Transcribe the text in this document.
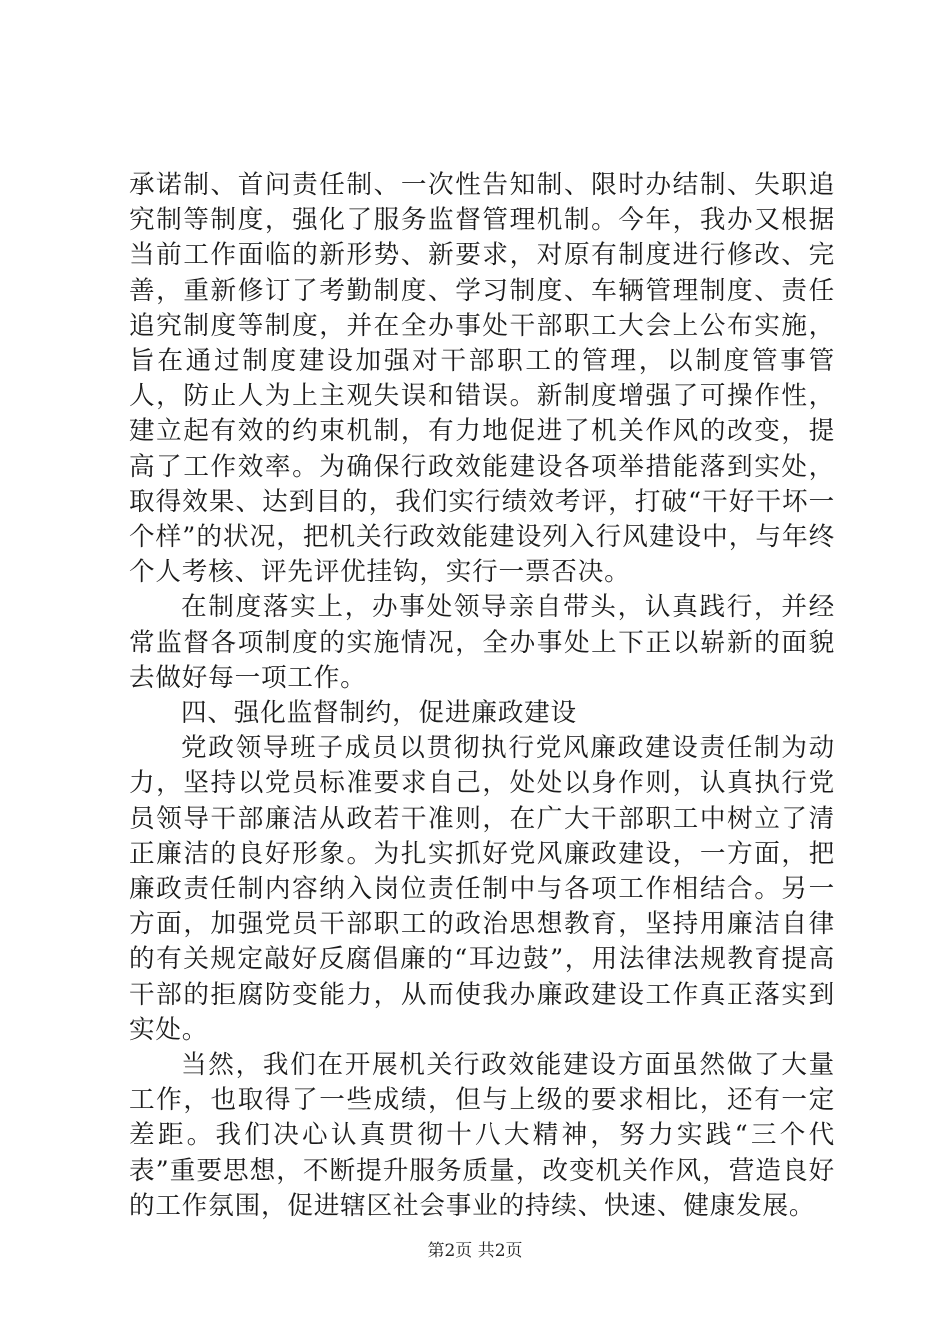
承诺制、首问责任制、一次性告知制、限时办结制、失职追究制等制度，强化了服务监督管理机制。今年，我办又根据当前工作面临的新形势、新要求，对原有制度进行修改、完善，重新修订了考勤制度、学习制度、车辆管理制度、责任追究制度等制度，并在全办事处干部职工大会上公布实施，旨在通过制度建设加强对干部职工的管理，以制度管事管人，防止人为上主观失误和错误。新制度增强了可操作性，建立起有效的约束机制，有力地促进了机关作风的改变，提高了工作效率。为确保行政效能建设各项举措能落到实处，取得效果、达到目的，我们实行绩效考评，打破“干好干坏一个样”的状况，把机关行政效能建设列入行风建设中，与年终个人考核、评先评优挂钩，实行一票否决。

在制度落实上，办事处领导亲自带头，认真践行，并经常监督各项制度的实施情况，全办事处上下正以崭新的面貌去做好每一项工作。

四、强化监督制约，促进廉政建设

党政领导班子成员以贯彻执行党风廉政建设责任制为动力，坚持以党员标准要求自己，处处以身作则，认真执行党员领导干部廉洁从政若干准则，在广大干部职工中树立了清正廉洁的良好形象。为扎实抓好党风廉政建设，一方面，把廉政责任制内容纳入岗位责任制中与各项工作相结合。另一方面，加强党员干部职工的政治思想教育，坚持用廉洁自律的有关规定敲好反腐倡廉的“耳边鼓”，用法律法规教育提高干部的拒腐防变能力，从而使我办廉政建设工作真正落实到实处。

当然，我们在开展机关行政效能建设方面虽然做了大量工作，也取得了一些成绩，但与上级的要求相比，还有一定差距。我们决心认真贯彻十八大精神，努力实践“三个代表”重要思想，不断提升服务质量，改变机关作风，营造良好的工作氛围，促进辖区社会事业的持续、快速、健康发展。

第2页 共2页
